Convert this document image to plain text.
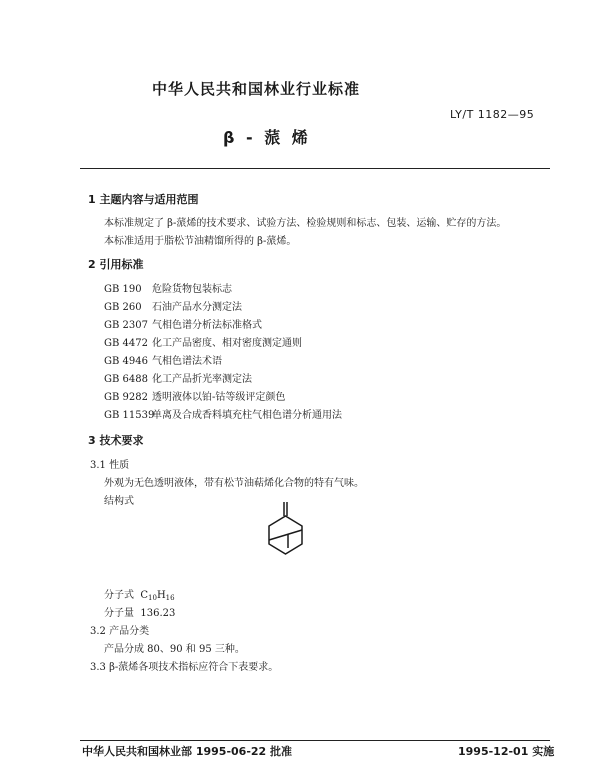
中华人民共和国林业行业标准
LY/T 1182—95
β - 蒎 烯
1 主题内容与适用范围
本标准规定了 β-蒎烯的技术要求、试验方法、检验规则和标志、包装、运输、贮存的方法。
本标准适用于脂松节油精馏所得的 β-蒎烯。
2 引用标准
GB 190 危险货物包装标志
GB 260 石油产品水分测定法
GB 2307 气相色谱分析法标准格式
GB 4472 化工产品密度、相对密度测定通则
GB 4946 气相色谱法术语
GB 6488 化工产品折光率测定法
GB 9282 透明液体以铂-钴等级评定颜色
GB 11539单离及合成香料填充柱气相色谱分析通用法
3 技术要求
3.1 性质
外观为无色透明液体，带有松节油萜烯化合物的特有气味。
结构式
分子式 $C_{10}H_{16}$
分子量 136.23
3.2 产品分类
产品分成 80、90 和 95 三种。
3.3 β-蒎烯各项技术指标应符合下表要求。
中华人民共和国林业部 1995-06-22 批准	1995-12-01 实施
